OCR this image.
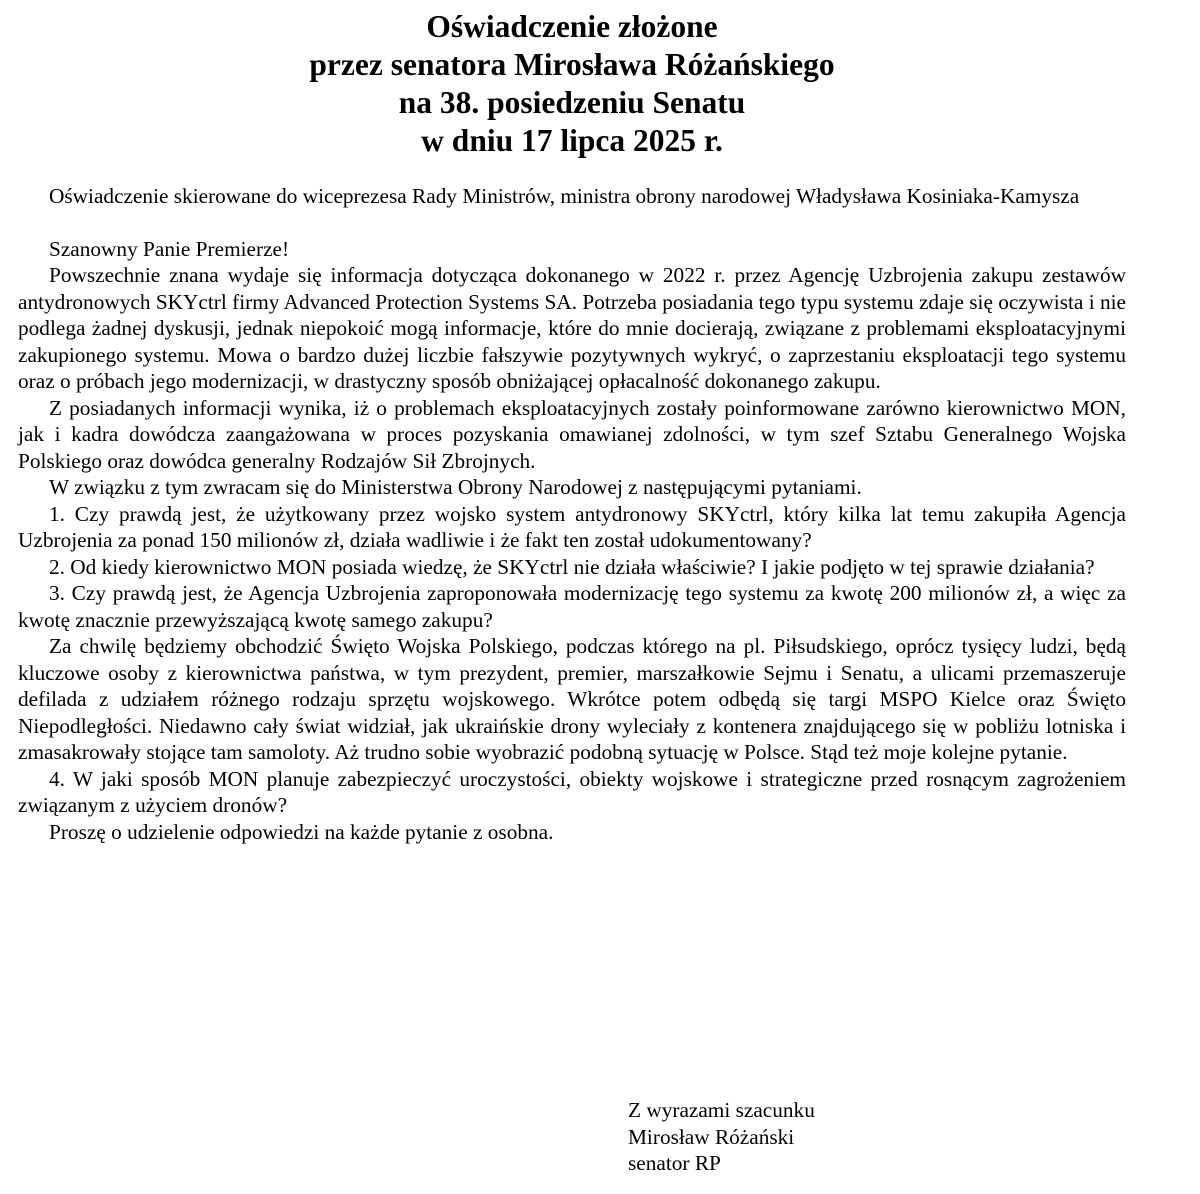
Oświadczenie złożone
przez senatora Mirosława Różańskiego
na 38. posiedzeniu Senatu
w dniu 17 lipca 2025 r.

Oświadczenie skierowane do wiceprezesa Rady Ministrów, ministra obrony narodowej Władysława Kosiniaka-Kamysza

Szanowny Panie Premierze!

Powszechnie znana wydaje się informacja dotycząca dokonanego w 2022 r. przez Agencję Uzbrojenia zakupu zestawów antydronowych SKYctrl firmy Advanced Protection Systems SA. Potrzeba posiadania tego typu systemu zdaje się oczywista i nie podlega żadnej dyskusji, jednak niepokoić mogą informacje, które do mnie docierają, związane z problemami eksploatacyjnymi zakupionego systemu. Mowa o bardzo dużej liczbie fałszywie pozytywnych wykryć, o zaprzestaniu eksploatacji tego systemu oraz o próbach jego modernizacji, w drastyczny sposób obniżającej opłacalność dokonanego zakupu.

Z posiadanych informacji wynika, iż o problemach eksploatacyjnych zostały poinformowane zarówno kierownictwo MON, jak i kadra dowódcza zaangażowana w proces pozyskania omawianej zdolności, w tym szef Sztabu Generalnego Wojska Polskiego oraz dowódca generalny Rodzajów Sił Zbrojnych.

W związku z tym zwracam się do Ministerstwa Obrony Narodowej z następującymi pytaniami.

1. Czy prawdą jest, że użytkowany przez wojsko system antydronowy SKYctrl, który kilka lat temu zakupiła Agencja Uzbrojenia za ponad 150 milionów zł, działa wadliwie i że fakt ten został udokumentowany?

2. Od kiedy kierownictwo MON posiada wiedzę, że SKYctrl nie działa właściwie? I jakie podjęto w tej sprawie działania?

3. Czy prawdą jest, że Agencja Uzbrojenia zaproponowała modernizację tego systemu za kwotę 200 milionów zł, a więc za kwotę znacznie przewyższającą kwotę samego zakupu?

Za chwilę będziemy obchodzić Święto Wojska Polskiego, podczas którego na pl. Piłsudskiego, oprócz tysięcy ludzi, będą kluczowe osoby z kierownictwa państwa, w tym prezydent, premier, marszałkowie Sejmu i Senatu, a ulicami przemaszeruje defilada z udziałem różnego rodzaju sprzętu wojskowego. Wkrótce potem odbędą się targi MSPO Kielce oraz Święto Niepodległości. Niedawno cały świat widział, jak ukraińskie drony wyleciały z kontenera znajdującego się w pobliżu lotniska i zmasakrowały stojące tam samoloty. Aż trudno sobie wyobrazić podobną sytuację w Polsce. Stąd też moje kolejne pytanie.

4. W jaki sposób MON planuje zabezpieczyć uroczystości, obiekty wojskowe i strategiczne przed rosnącym zagrożeniem związanym z użyciem dronów?

Proszę o udzielenie odpowiedzi na każde pytanie z osobna.

Z wyrazami szacunku
Mirosław Różański
senator RP
